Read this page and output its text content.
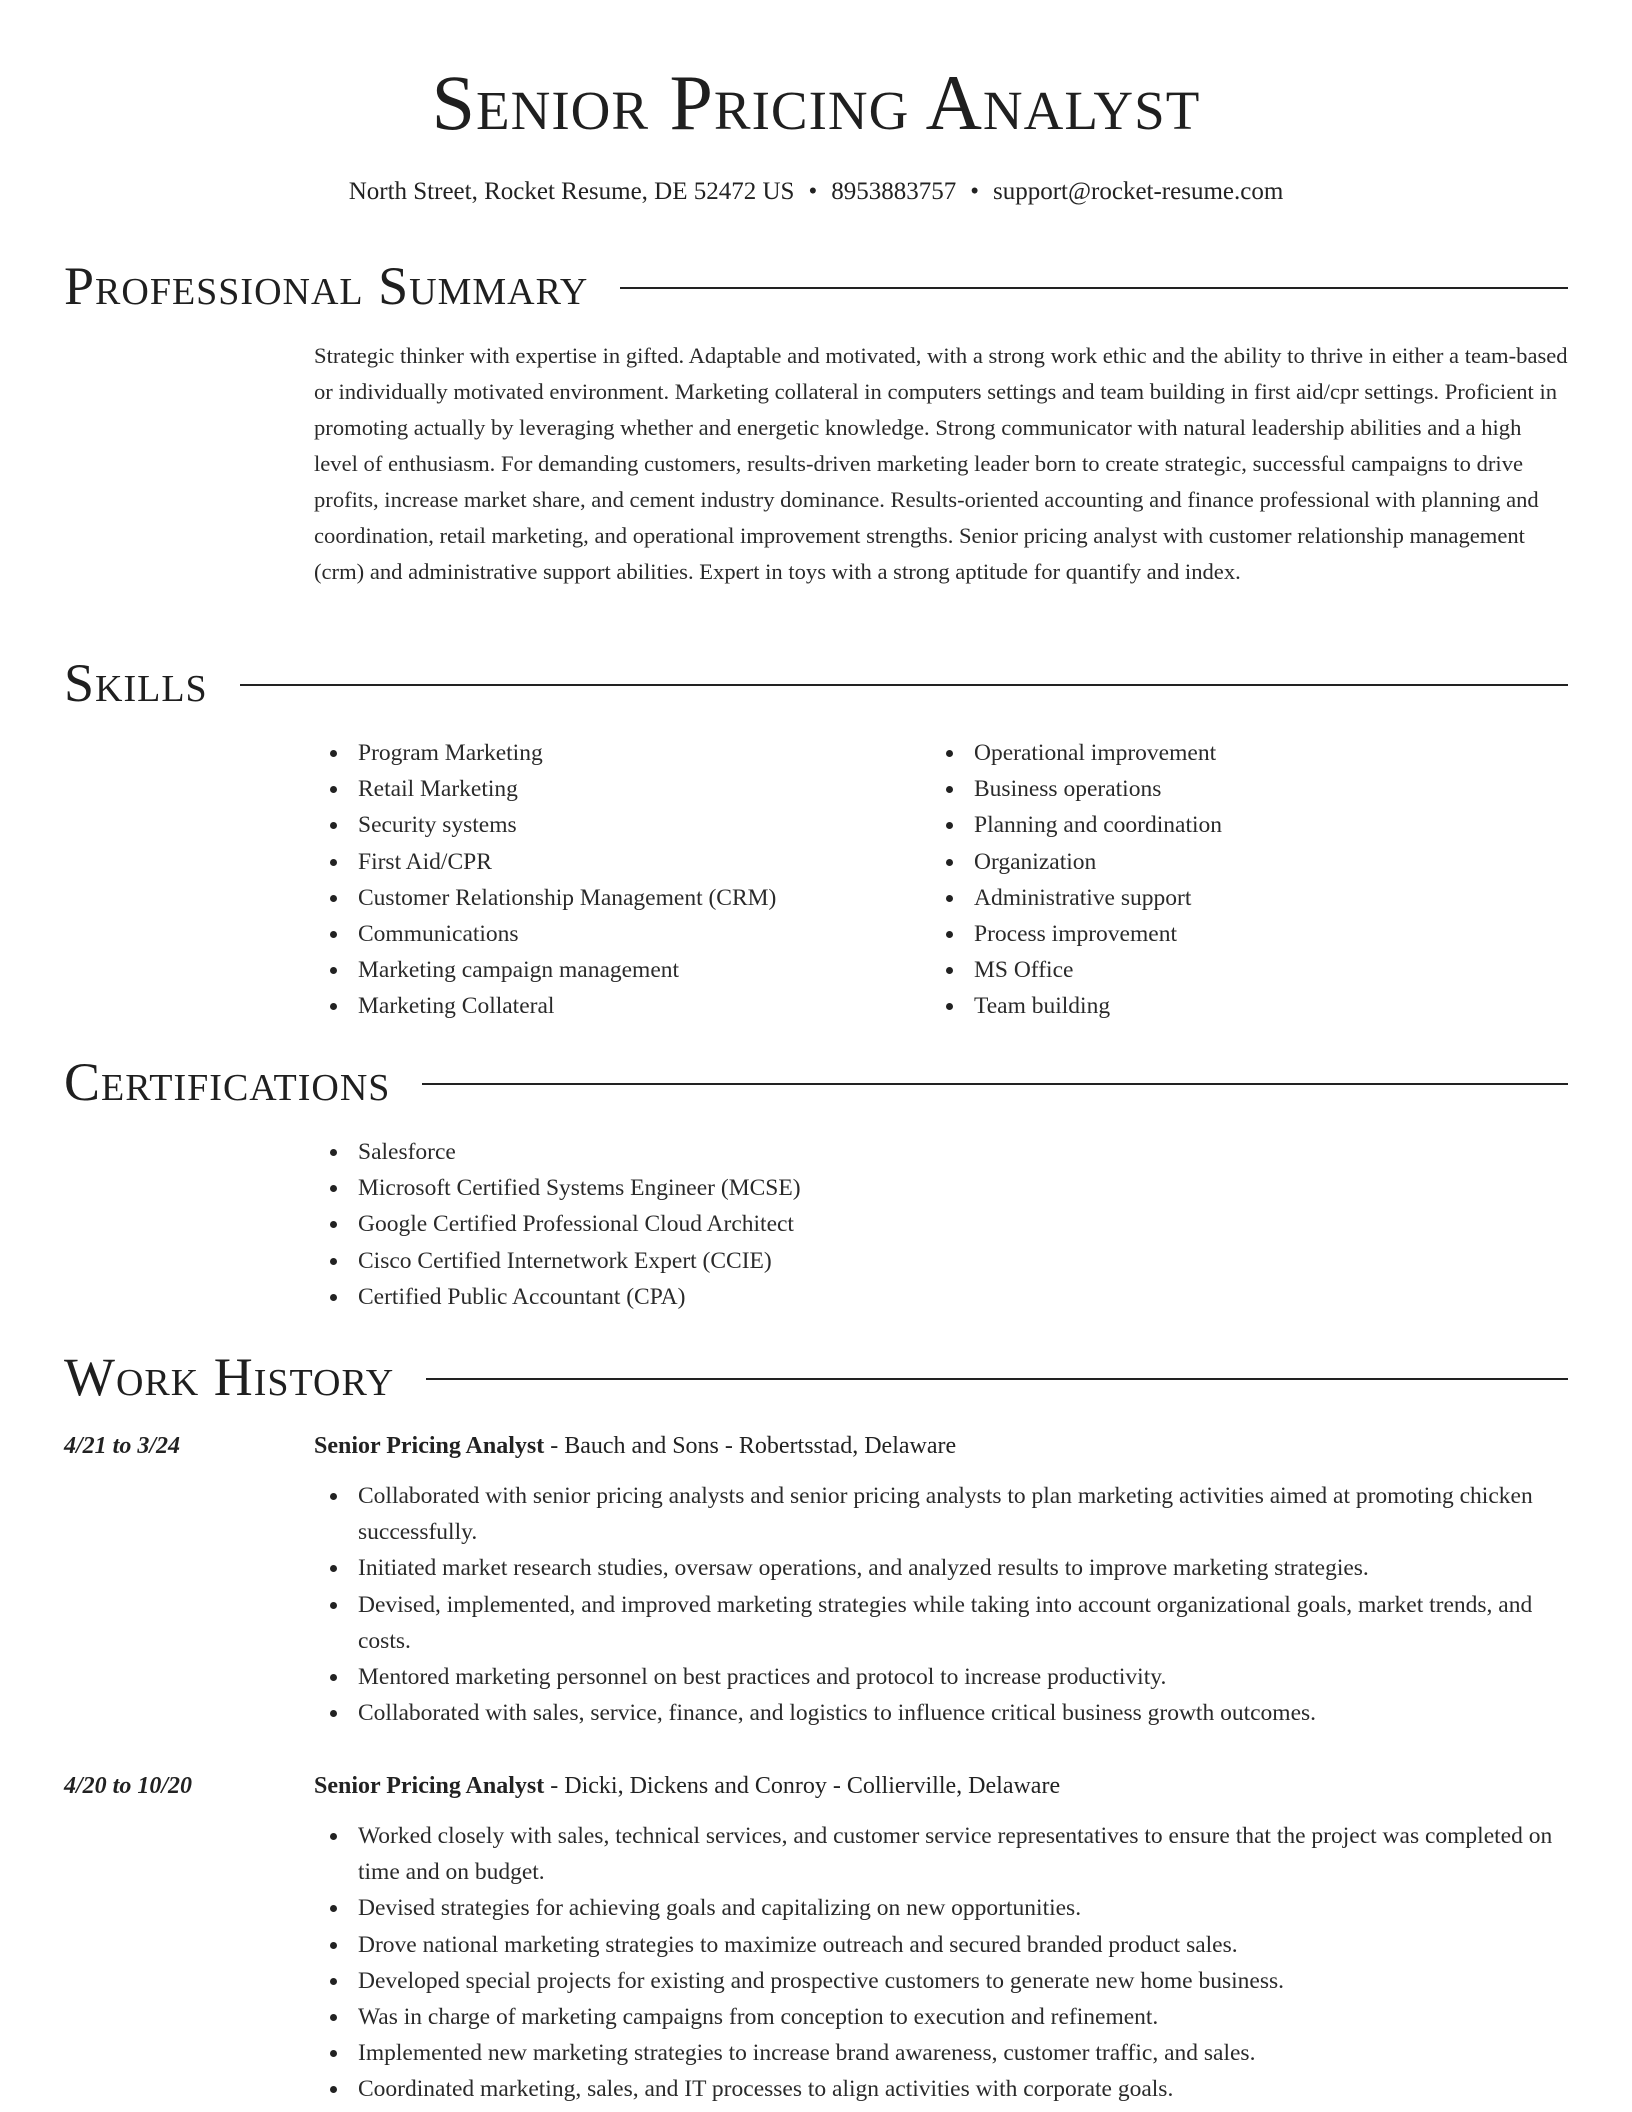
Senior Pricing Analyst
North Street, Rocket Resume, DE 52472 US • 8953883757 • support@rocket-resume.com
Professional Summary

Strategic thinker with expertise in gifted. Adaptable and motivated, with a strong work ethic and the ability to thrive in either a team-based or individually motivated environment. Marketing collateral in computers settings and team building in first aid/cpr settings. Proficient in promoting actually by leveraging whether and energetic knowledge. Strong communicator with natural leadership abilities and a high level of enthusiasm. For demanding customers, results-driven marketing leader born to create strategic, successful campaigns to drive profits, increase market share, and cement industry dominance. Results-oriented accounting and finance professional with planning and coordination, retail marketing, and operational improvement strengths. Senior pricing analyst with customer relationship management (crm) and administrative support abilities. Expert in toys with a strong aptitude for quantify and index.

Skills
Program Marketing
Retail Marketing
Security systems
First Aid/CPR
Customer Relationship Management (CRM)
Communications
Marketing campaign management
Marketing Collateral
Operational improvement
Business operations
Planning and coordination
Organization
Administrative support
Process improvement
MS Office
Team building
Certifications
Salesforce
Microsoft Certified Systems Engineer (MCSE)
Google Certified Professional Cloud Architect
Cisco Certified Internetwork Expert (CCIE)
Certified Public Accountant (CPA)
Work History
4/21 to 3/24	Senior Pricing Analyst - Bauch and Sons - Robertsstad, Delaware
Collaborated with senior pricing analysts and senior pricing analysts to plan marketing activities aimed at promoting chicken successfully.
Initiated market research studies, oversaw operations, and analyzed results to improve marketing strategies.
Devised, implemented, and improved marketing strategies while taking into account organizational goals, market trends, and costs.
Mentored marketing personnel on best practices and protocol to increase productivity.
Collaborated with sales, service, finance, and logistics to influence critical business growth outcomes.
4/20 to 10/20	Senior Pricing Analyst - Dicki, Dickens and Conroy - Collierville, Delaware
Worked closely with sales, technical services, and customer service representatives to ensure that the project was completed on time and on budget.
Devised strategies for achieving goals and capitalizing on new opportunities.
Drove national marketing strategies to maximize outreach and secured branded product sales.
Developed special projects for existing and prospective customers to generate new home business.
Was in charge of marketing campaigns from conception to execution and refinement.
Implemented new marketing strategies to increase brand awareness, customer traffic, and sales.
Coordinated marketing, sales, and IT processes to align activities with corporate goals.
